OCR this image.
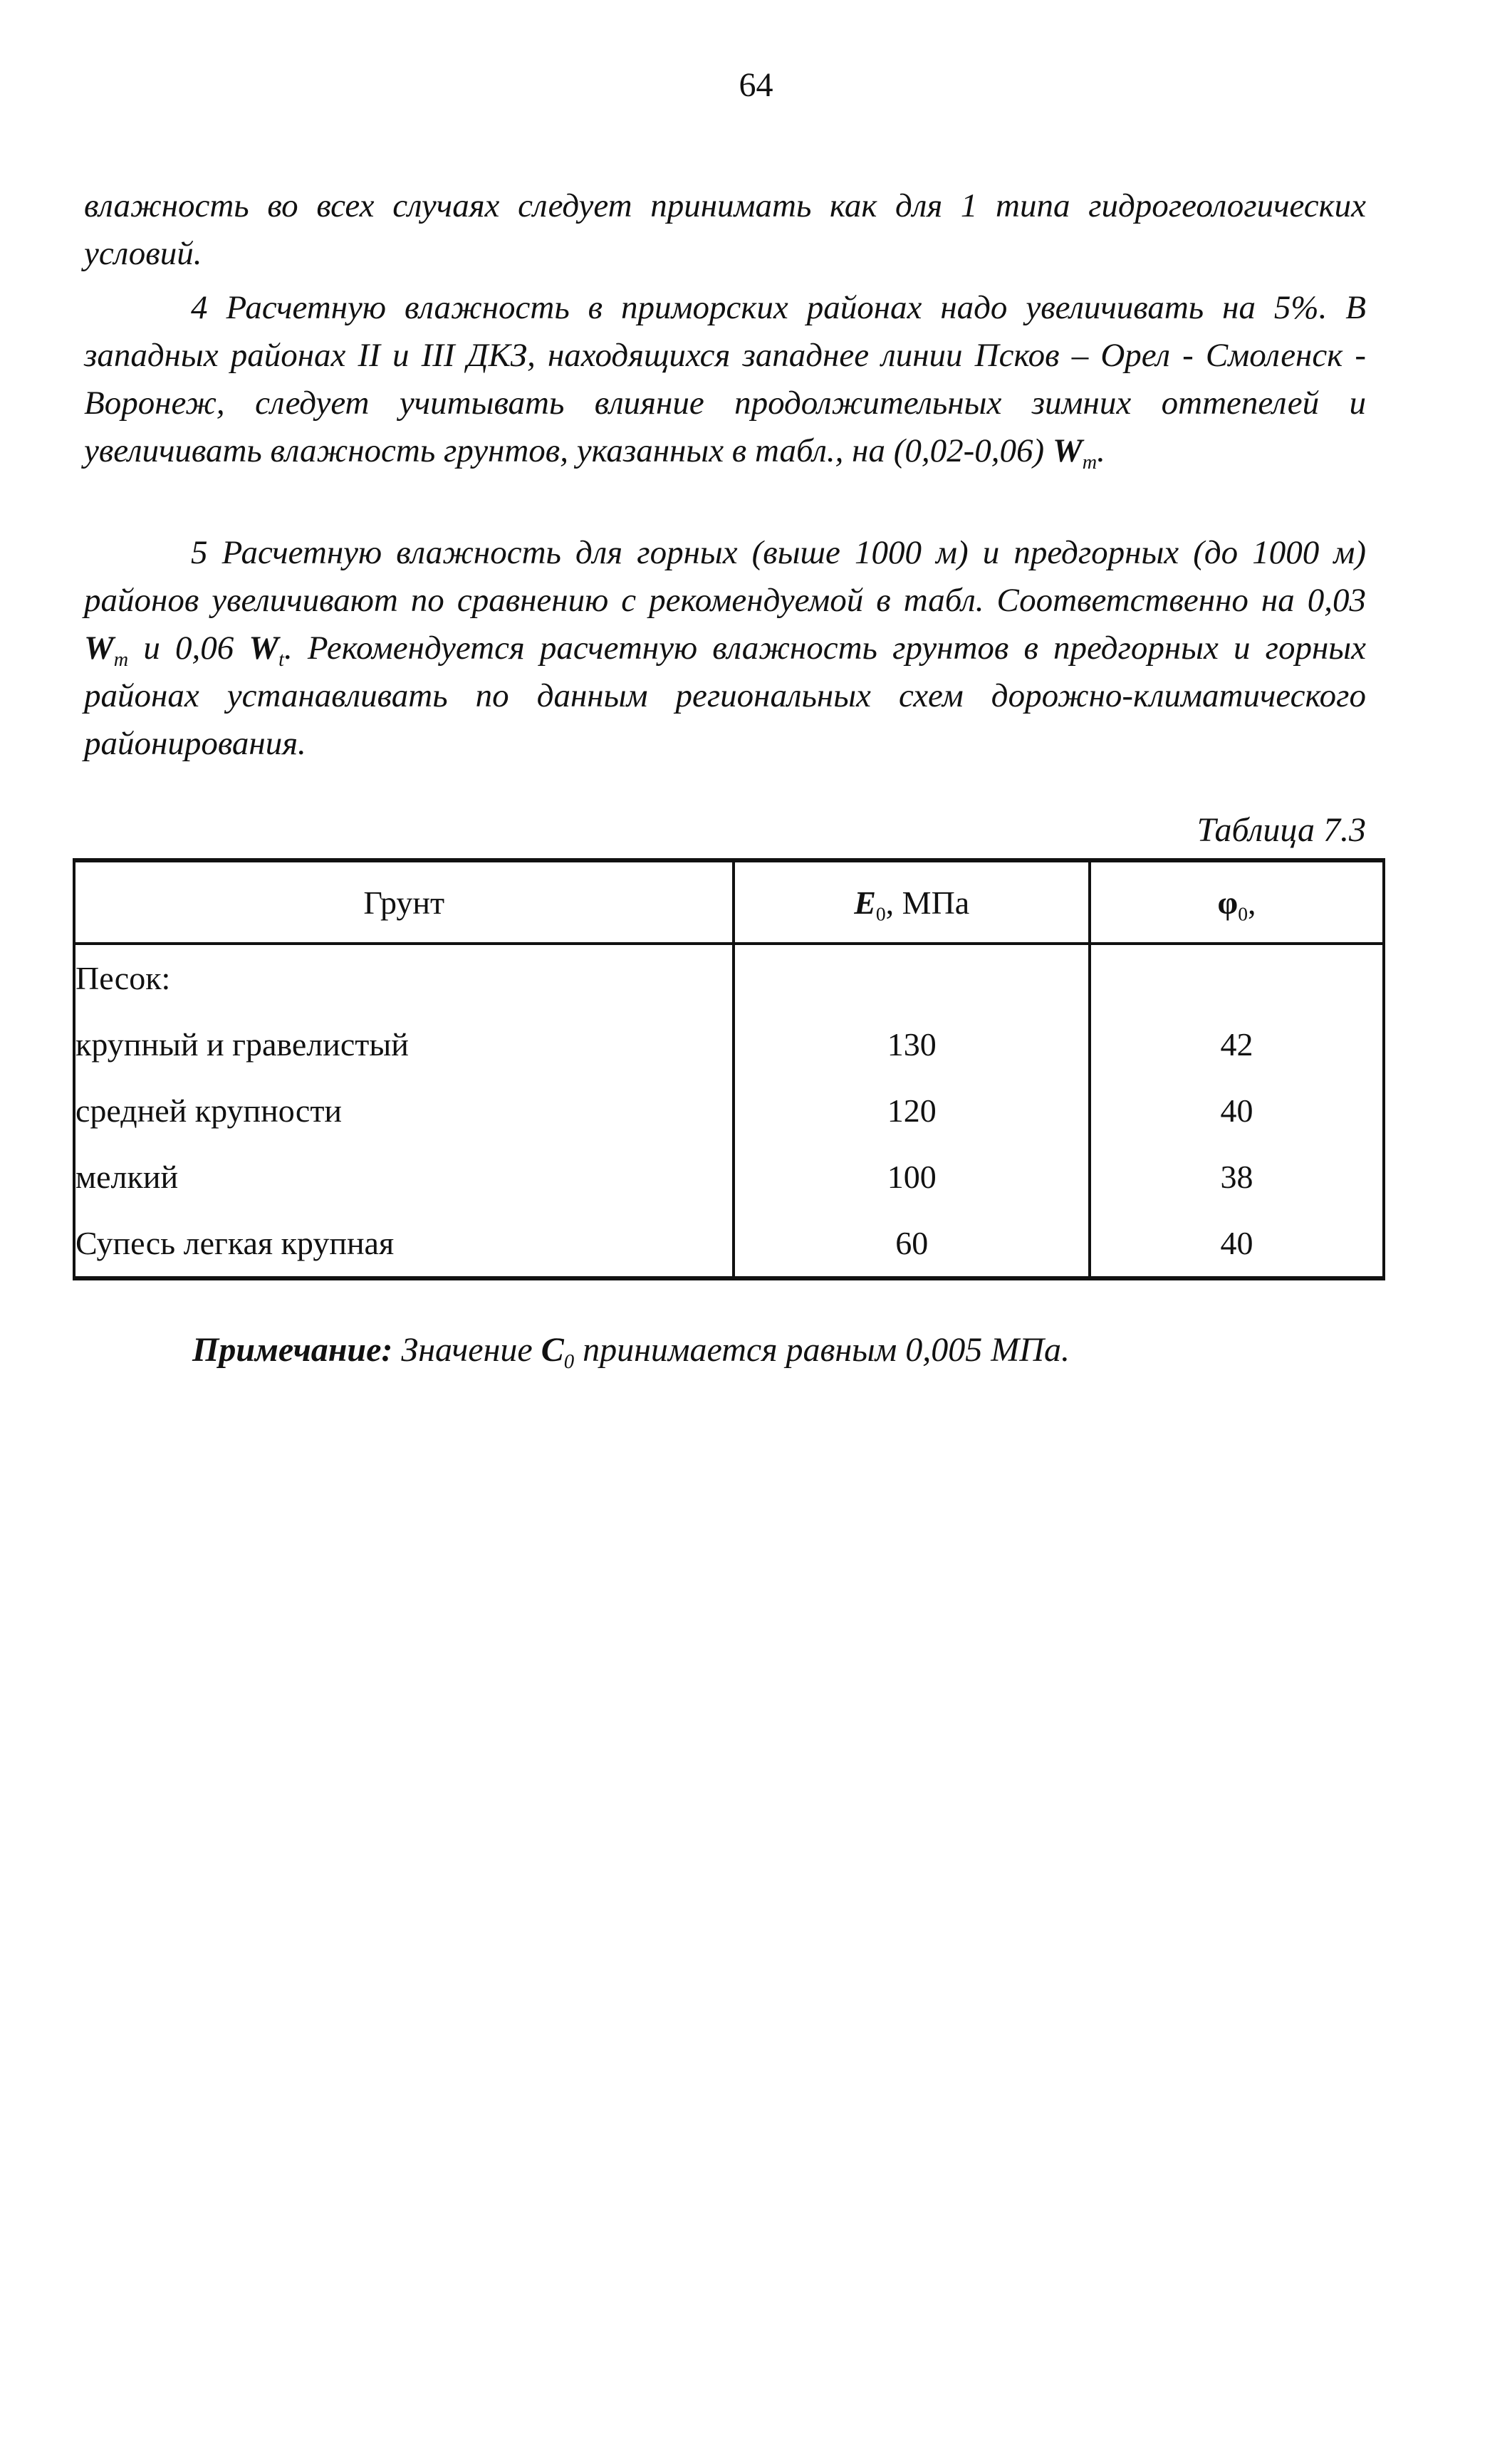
64

влажность во всех случаях следует принимать как для 1 типа гидрогеологических условий.

4 Расчетную влажность в приморских районах надо увеличивать на 5%. В западных районах II и III ДКЗ, находящихся западнее линии Псков – Орел - Смоленск - Воронеж, следует учитывать влияние продолжительных зимних оттепелей и увеличивать влажность грунтов, указанных в табл., на (0,02-0,06) $W_т$.

5 Расчетную влажность для горных (выше 1000 м) и предгорных (до 1000 м) районов увеличивают по сравнению с рекомендуемой в табл. Соответственно на 0,03 $W_т$ и 0,06 $W_t$. Рекомендуется расчетную влажность грунтов в предгорных и горных районах устанавливать по данным региональных схем дорожно-климатического районирования.

Таблица 7.3
Грунт	$E_0$, МПа	$\varphi_0$,
Песок:		
крупный и гравелистый	130	42
средней крупности	120	40
мелкий	100	38
Супесь легкая крупная	60	40
Примечание: Значение $C_0$ принимается равным 0,005 МПа.
